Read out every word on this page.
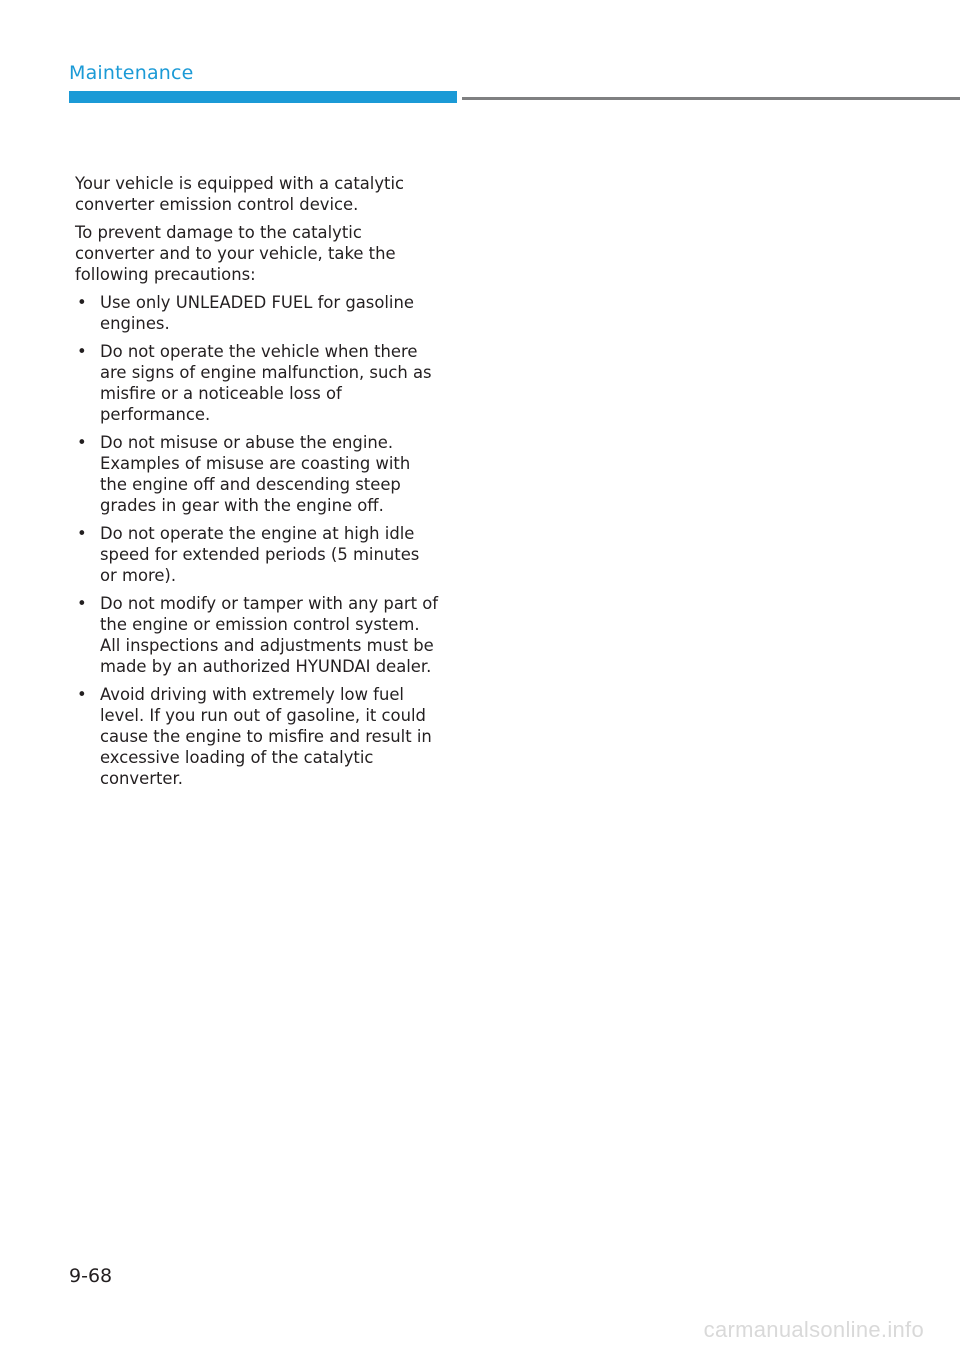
Maintenance

Your vehicle is equipped with a catalytic converter emission control device.

To prevent damage to the catalytic converter and to your vehicle, take the following precautions:

• Use only UNLEADED FUEL for gasoline engines.
• Do not operate the vehicle when there are signs of engine malfunction, such as misfire or a noticeable loss of performance.
• Do not misuse or abuse the engine. Examples of misuse are coasting with the engine off and descending steep grades in gear with the engine off.
• Do not operate the engine at high idle speed for extended periods (5 minutes or more).
• Do not modify or tamper with any part of the engine or emission control system. All inspections and adjustments must be made by an authorized HYUNDAI dealer.
• Avoid driving with extremely low fuel level. If you run out of gasoline, it could cause the engine to misfire and result in excessive loading of the catalytic converter.
9-68
carmanualsonline.info
